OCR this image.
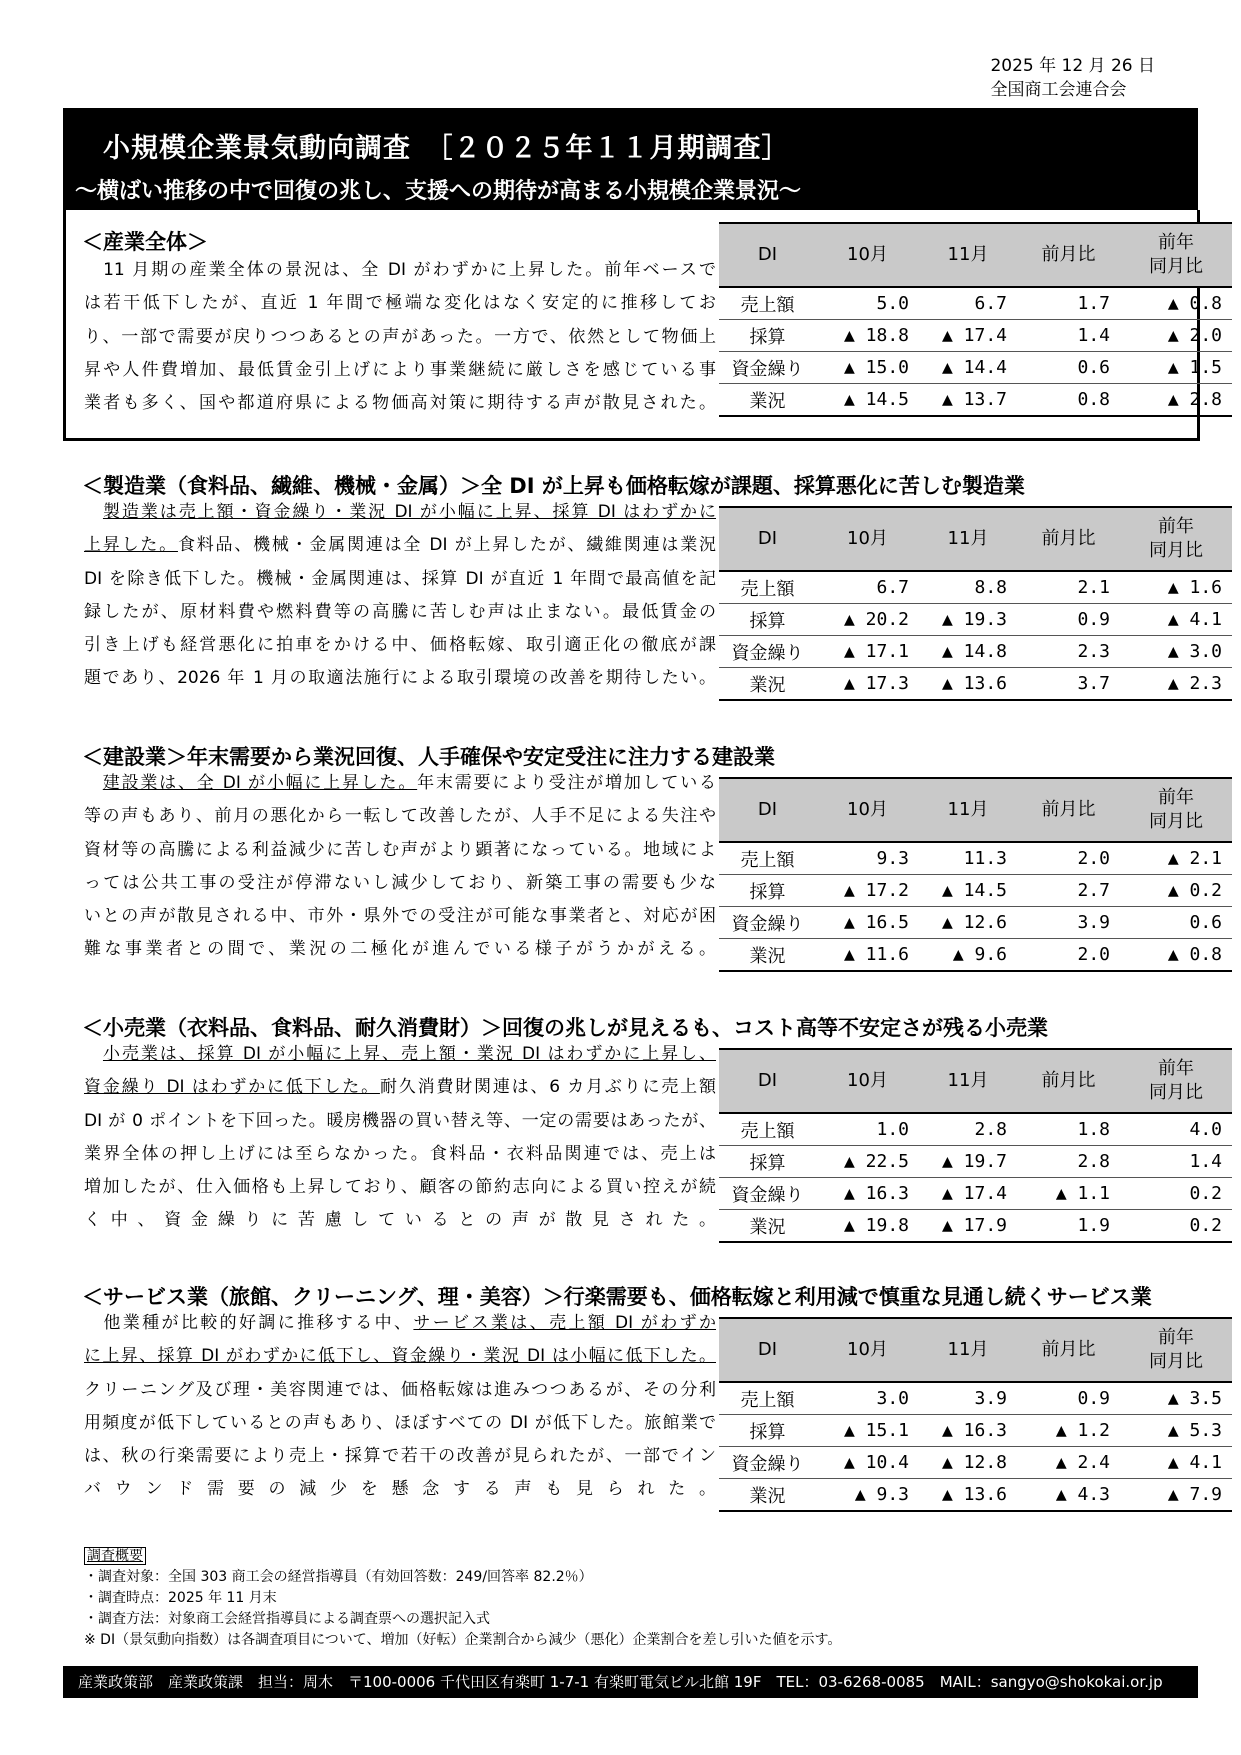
2025 年 12 月 26 日
全国商工会連合会
小規模企業景気動向調査　［２０２５年１１月期調査］
～横ばい推移の中で回復の兆し、支援への期待が高まる小規模企業景況～
＜産業全体＞
　11 月期の産業全体の景況は、全 DI がわずかに上昇した。前年ベースで
は若干低下したが、直近 1 年間で極端な変化はなく安定的に推移してお
り、一部で需要が戻りつつあるとの声があった。一方で、依然として物価上
昇や人件費増加、最低賃金引上げにより事業継続に厳しさを感じている事
業者も多く、国や都道府県による物価高対策に期待する声が散見された。
DI	10月	11月	前月比	前年
同月比
売上額	5.0	6.7	1.7	▲ 0.8
採算	▲ 18.8	▲ 17.4	1.4	▲ 2.0
資金繰り	▲ 15.0	▲ 14.4	0.6	▲ 1.5
業況	▲ 14.5	▲ 13.7	0.8	▲ 2.8
＜製造業（食料品、繊維、機械・金属）＞全 DI が上昇も価格転嫁が課題、採算悪化に苦しむ製造業
　製造業は売上額・資金繰り・業況 DI が小幅に上昇、採算 DI はわずかに
上昇した。食料品、機械・金属関連は全 DI が上昇したが、繊維関連は業況
DI を除き低下した。機械・金属関連は、採算 DI が直近 1 年間で最高値を記
録したが、原材料費や燃料費等の高騰に苦しむ声は止まない。最低賃金の
引き上げも経営悪化に拍車をかける中、価格転嫁、取引適正化の徹底が課
題であり、2026 年 1 月の取適法施行による取引環境の改善を期待したい。
DI	10月	11月	前月比	前年
同月比
売上額	6.7	8.8	2.1	▲ 1.6
採算	▲ 20.2	▲ 19.3	0.9	▲ 4.1
資金繰り	▲ 17.1	▲ 14.8	2.3	▲ 3.0
業況	▲ 17.3	▲ 13.6	3.7	▲ 2.3
＜建設業＞年末需要から業況回復、人手確保や安定受注に注力する建設業
　建設業は、全 DI が小幅に上昇した。年末需要により受注が増加している
等の声もあり、前月の悪化から一転して改善したが、人手不足による失注や
資材等の高騰による利益減少に苦しむ声がより顕著になっている。地域によ
っては公共工事の受注が停滞ないし減少しており、新築工事の需要も少な
いとの声が散見される中、市外・県外での受注が可能な事業者と、対応が困
難な事業者との間で、業況の二極化が進んでいる様子がうかがえる。
DI	10月	11月	前月比	前年
同月比
売上額	9.3	11.3	2.0	▲ 2.1
採算	▲ 17.2	▲ 14.5	2.7	▲ 0.2
資金繰り	▲ 16.5	▲ 12.6	3.9	0.6
業況	▲ 11.6	▲ 9.6	2.0	▲ 0.8
＜小売業（衣料品、食料品、耐久消費財）＞回復の兆しが見えるも、コスト高等不安定さが残る小売業
　小売業は、採算 DI が小幅に上昇、売上額・業況 DI はわずかに上昇し、
資金繰り DI はわずかに低下した。耐久消費財関連は、6 カ月ぶりに売上額
DI が 0 ポイントを下回った。暖房機器の買い替え等、一定の需要はあったが、
業界全体の押し上げには至らなかった。食料品・衣料品関連では、売上は
増加したが、仕入価格も上昇しており、顧客の節約志向による買い控えが続
く中、資金繰りに苦慮しているとの声が散見された。
DI	10月	11月	前月比	前年
同月比
売上額	1.0	2.8	1.8	4.0
採算	▲ 22.5	▲ 19.7	2.8	1.4
資金繰り	▲ 16.3	▲ 17.4	▲ 1.1	0.2
業況	▲ 19.8	▲ 17.9	1.9	0.2
＜サービス業（旅館、クリーニング、理・美容）＞行楽需要も、価格転嫁と利用減で慎重な見通し続くサービス業
　他業種が比較的好調に推移する中、サービス業は、売上額 DI がわずか
に上昇、採算 DI がわずかに低下し、資金繰り・業況 DI は小幅に低下した。
クリーニング及び理・美容関連では、価格転嫁は進みつつあるが、その分利
用頻度が低下しているとの声もあり、ほぼすべての DI が低下した。旅館業で
は、秋の行楽需要により売上・採算で若干の改善が見られたが、一部でイン
バウンド需要の減少を懸念する声も見られた。
DI	10月	11月	前月比	前年
同月比
売上額	3.0	3.9	0.9	▲ 3.5
採算	▲ 15.1	▲ 16.3	▲ 1.2	▲ 5.3
資金繰り	▲ 10.4	▲ 12.8	▲ 2.4	▲ 4.1
業況	▲ 9.3	▲ 13.6	▲ 4.3	▲ 7.9
調査概要
・調査対象：全国 303 商工会の経営指導員（有効回答数：249/回答率 82.2％）
・調査時点：2025 年 11 月末
・調査方法：対象商工会経営指導員による調査票への選択記入式
※ DI（景気動向指数）は各調査項目について、増加（好転）企業割合から減少（悪化）企業割合を差し引いた値を示す。
　産業政策部　産業政策課　担当：周木　〒100-0006 千代田区有楽町 1-7-1 有楽町電気ビル北館 19F　TEL：03-6268-0085　MAIL：sangyo@shokokai.or.jp
